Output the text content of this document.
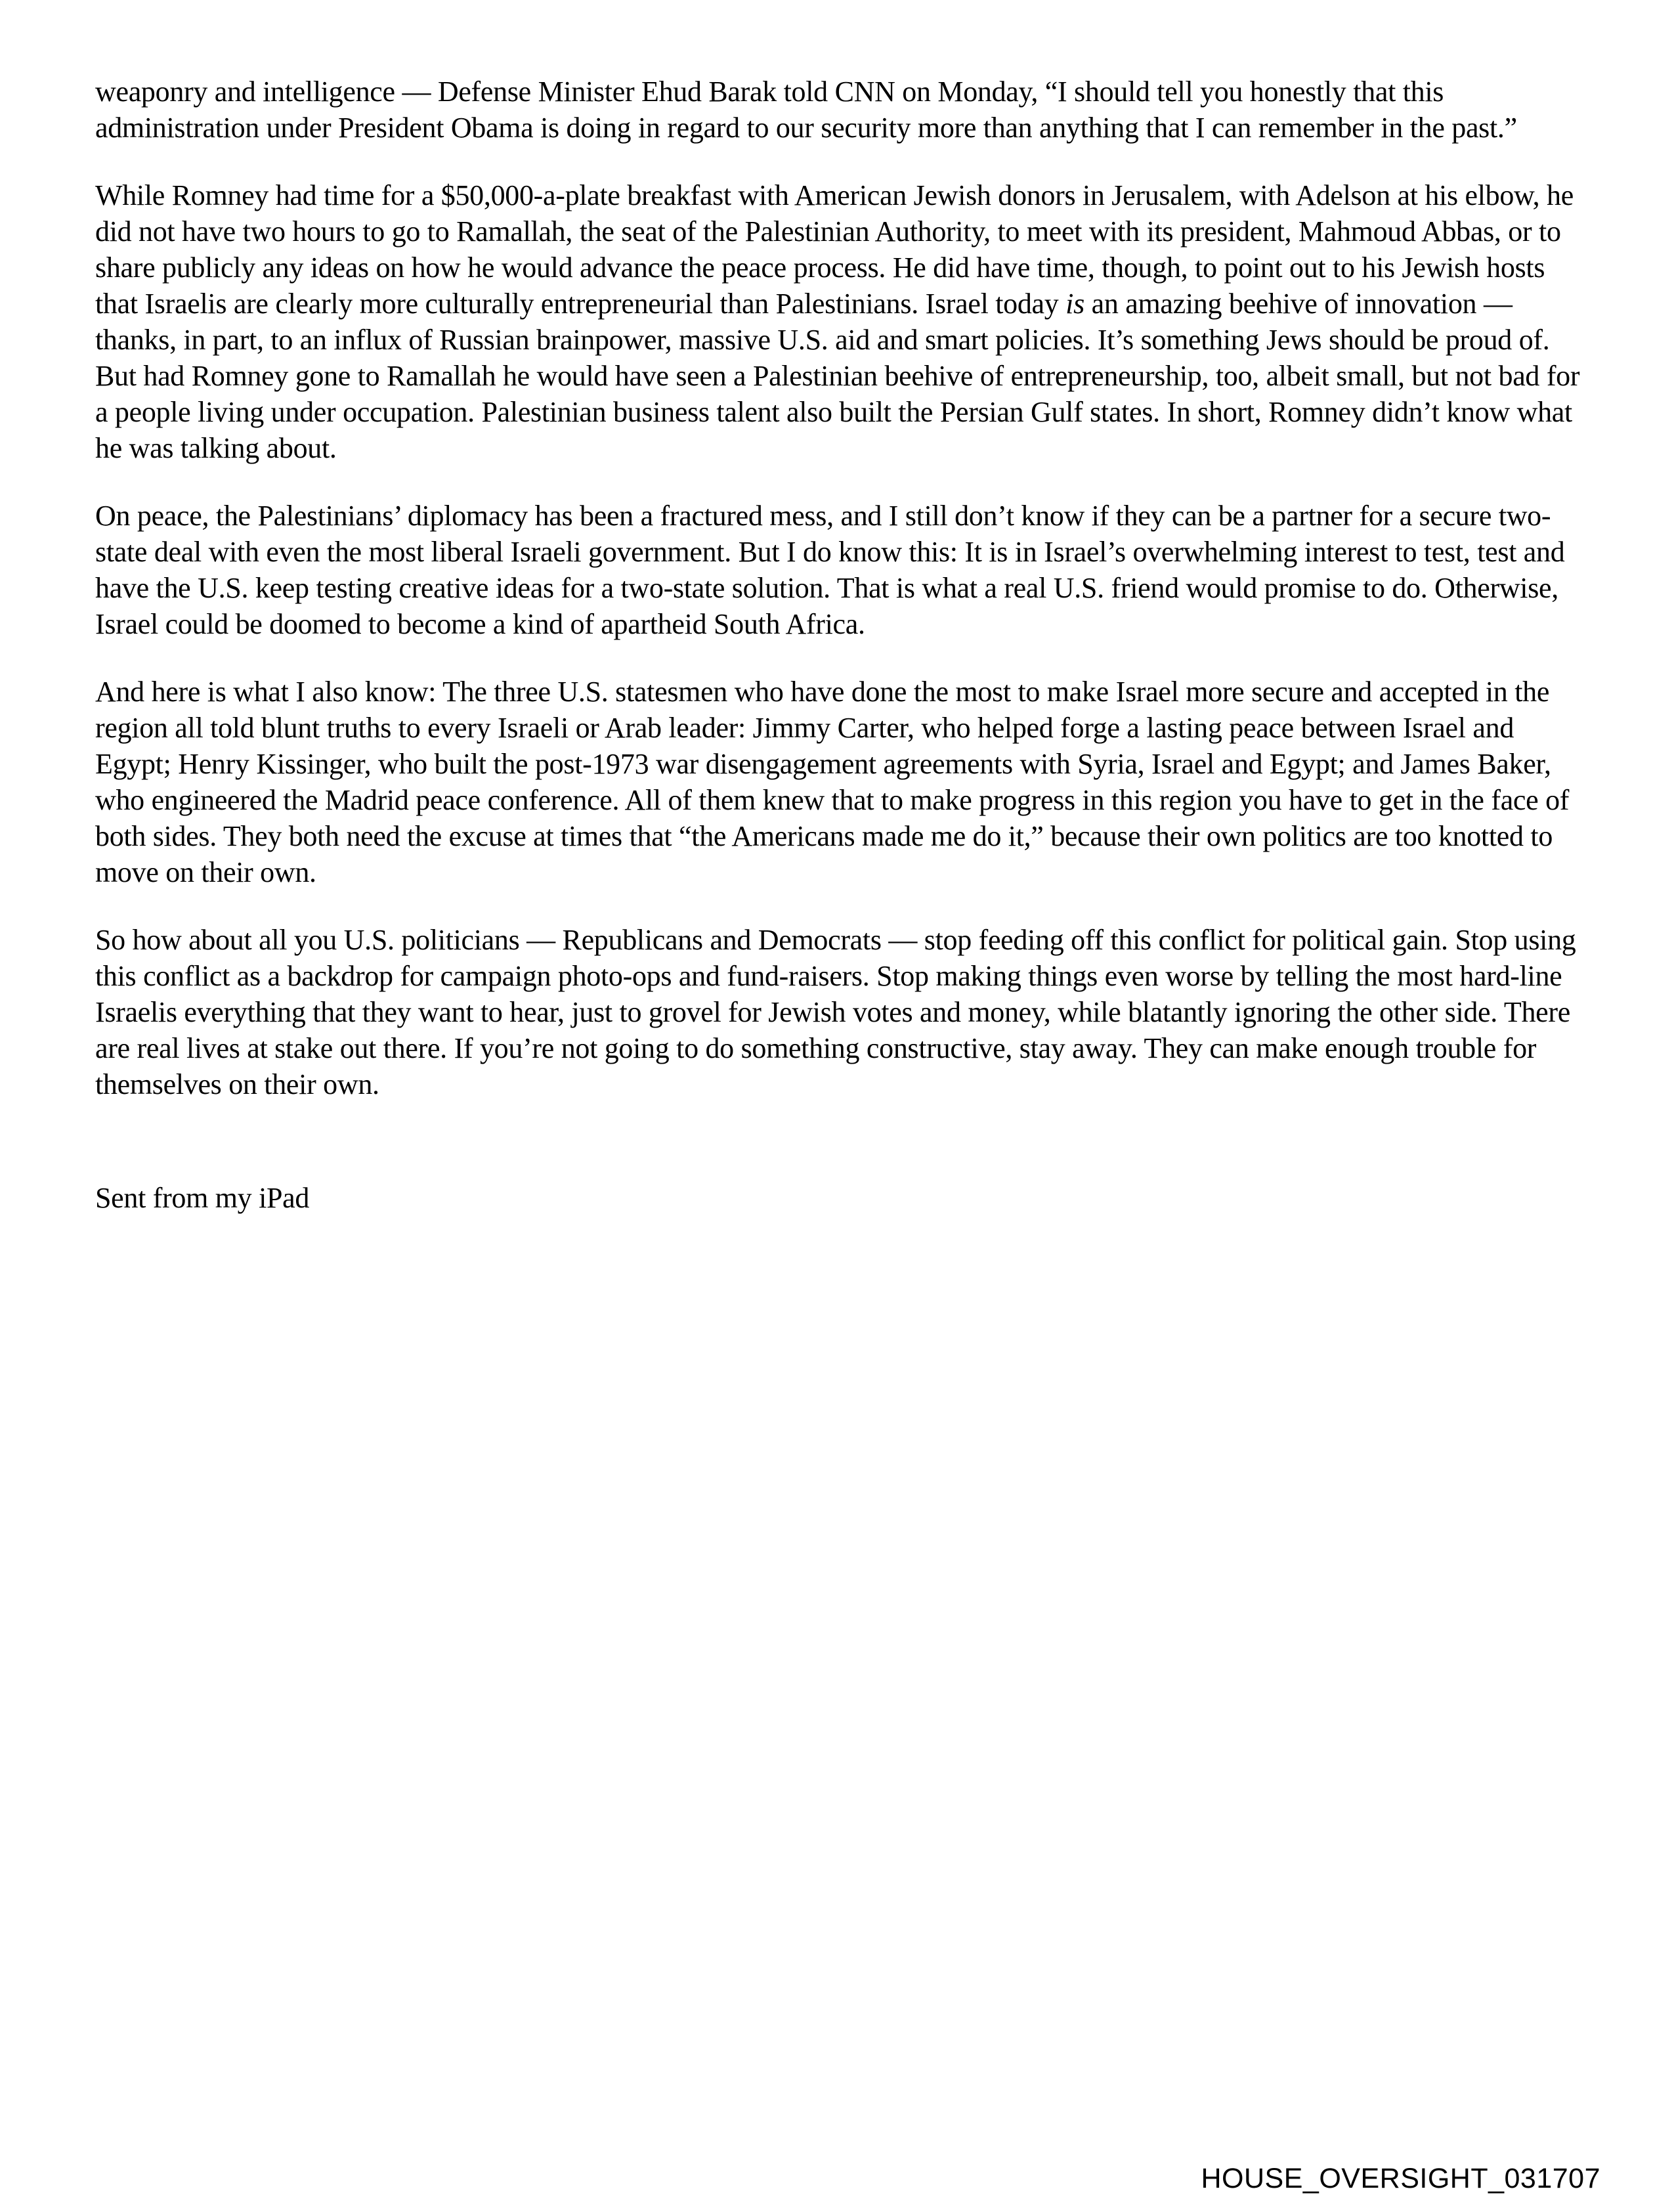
weaponry and intelligence — Defense Minister Ehud Barak told CNN on Monday, “I should tell you honestly that this administration under President Obama is doing in regard to our security more than anything that I can remember in the past.”

While Romney had time for a $50,000-a-plate breakfast with American Jewish donors in Jerusalem, with Adelson at his elbow, he did not have two hours to go to Ramallah, the seat of the Palestinian Authority, to meet with its president, Mahmoud Abbas, or to share publicly any ideas on how he would advance the peace process. He did have time, though, to point out to his Jewish hosts that Israelis are clearly more culturally entrepreneurial than Palestinians. Israel today is an amazing beehive of innovation — thanks, in part, to an influx of Russian brainpower, massive U.S. aid and smart policies. It’s something Jews should be proud of. But had Romney gone to Ramallah he would have seen a Palestinian beehive of entrepreneurship, too, albeit small, but not bad for a people living under occupation. Palestinian business talent also built the Persian Gulf states. In short, Romney didn’t know what he was talking about.

On peace, the Palestinians’ diplomacy has been a fractured mess, and I still don’t know if they can be a partner for a secure two-state deal with even the most liberal Israeli government. But I do know this: It is in Israel’s overwhelming interest to test, test and have the U.S. keep testing creative ideas for a two-state solution. That is what a real U.S. friend would promise to do. Otherwise, Israel could be doomed to become a kind of apartheid South Africa.

And here is what I also know: The three U.S. statesmen who have done the most to make Israel more secure and accepted in the region all told blunt truths to every Israeli or Arab leader: Jimmy Carter, who helped forge a lasting peace between Israel and Egypt; Henry Kissinger, who built the post-1973 war disengagement agreements with Syria, Israel and Egypt; and James Baker, who engineered the Madrid peace conference. All of them knew that to make progress in this region you have to get in the face of both sides. They both need the excuse at times that “the Americans made me do it,” because their own politics are too knotted to move on their own.

So how about all you U.S. politicians — Republicans and Democrats — stop feeding off this conflict for political gain. Stop using this conflict as a backdrop for campaign photo-ops and fund-raisers. Stop making things even worse by telling the most hard-line Israelis everything that they want to hear, just to grovel for Jewish votes and money, while blatantly ignoring the other side. There are real lives at stake out there. If you’re not going to do something constructive, stay away. They can make enough trouble for themselves on their own.

Sent from my iPad
HOUSE_OVERSIGHT_031707
